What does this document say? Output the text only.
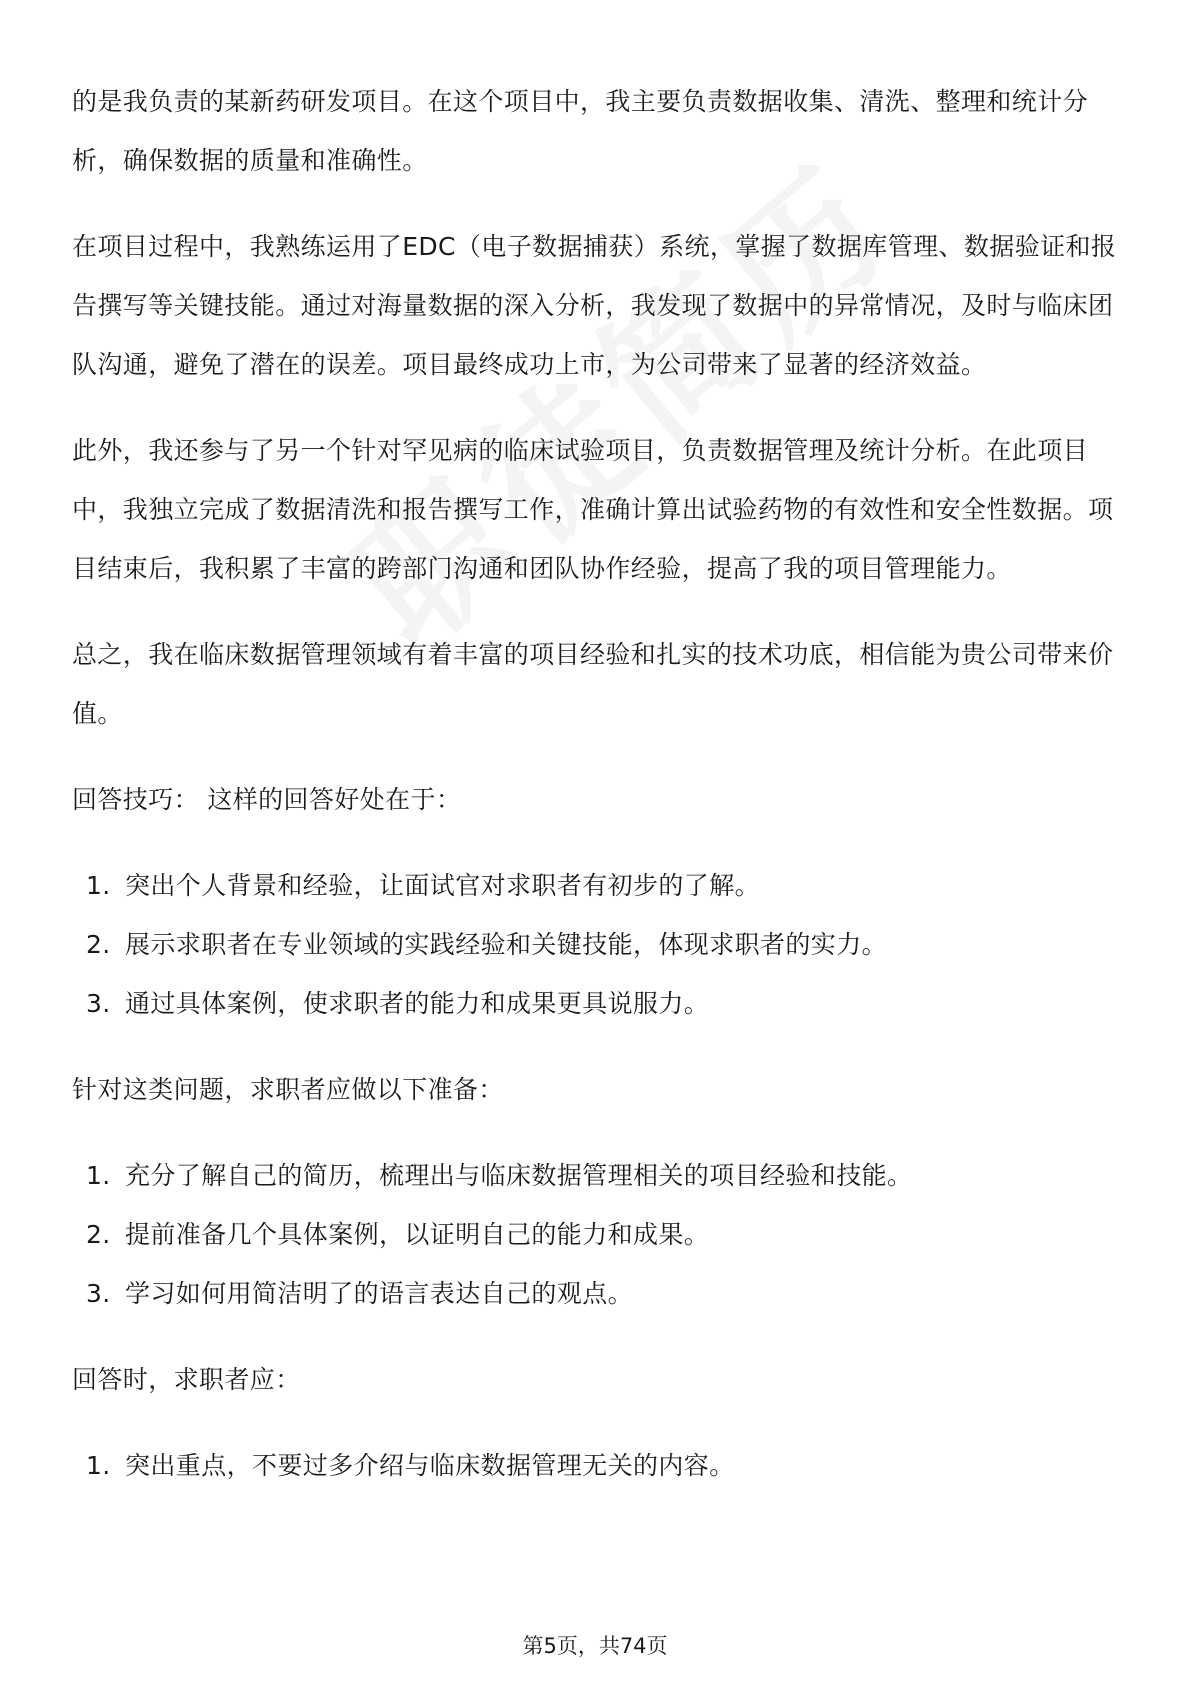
的是我负责的某新药研发项目。在这个项目中，我主要负责数据收集、清洗、整理和统计分析，确保数据的质量和准确性。

在项目过程中，我熟练运用了EDC（电子数据捕获）系统，掌握了数据库管理、数据验证和报告撰写等关键技能。通过对海量数据的深入分析，我发现了数据中的异常情况，及时与临床团队沟通，避免了潜在的误差。项目最终成功上市，为公司带来了显著的经济效益。

此外，我还参与了另一个针对罕见病的临床试验项目，负责数据管理及统计分析。在此项目中，我独立完成了数据清洗和报告撰写工作，准确计算出试验药物的有效性和安全性数据。项目结束后，我积累了丰富的跨部门沟通和团队协作经验，提高了我的项目管理能力。

总之，我在临床数据管理领域有着丰富的项目经验和扎实的技术功底，相信能为贵公司带来价值。

回答技巧： 这样的回答好处在于：

1. 突出个人背景和经验，让面试官对求职者有初步的了解。
2. 展示求职者在专业领域的实践经验和关键技能，体现求职者的实力。
3. 通过具体案例，使求职者的能力和成果更具说服力。

针对这类问题，求职者应做以下准备：

1. 充分了解自己的简历，梳理出与临床数据管理相关的项目经验和技能。
2. 提前准备几个具体案例，以证明自己的能力和成果。
3. 学习如何用简洁明了的语言表达自己的观点。

回答时，求职者应：

1. 突出重点，不要过多介绍与临床数据管理无关的内容。
第5页，共74页
